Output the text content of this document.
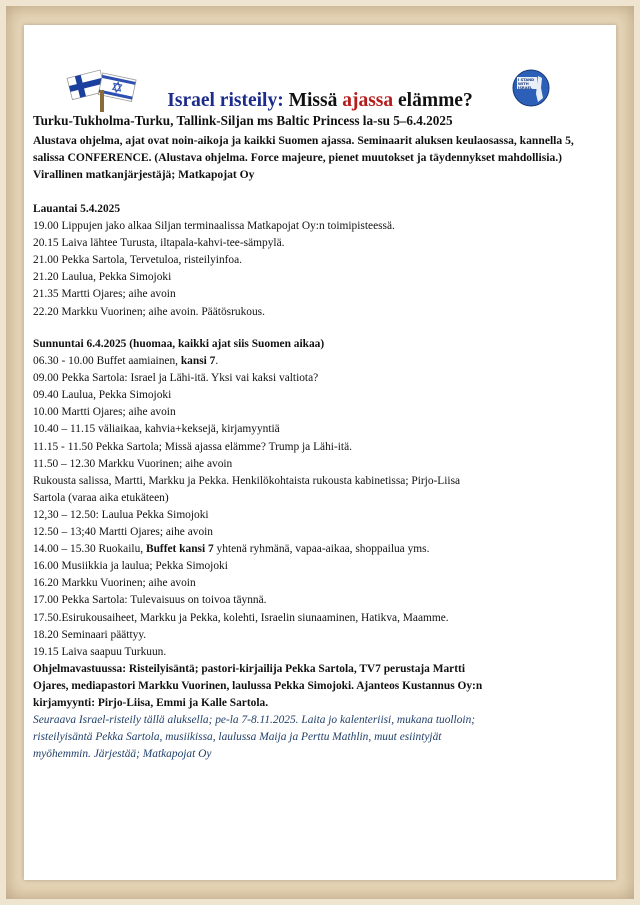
I STAND
WITH
ISRAEL
Israel risteily: Missä ajassa elämme?
Turku-Tukholma-Turku, Tallink-Siljan ms Baltic Princess la-su 5–6.4.2025
Alustava ohjelma, ajat ovat noin-aikoja ja kaikki Suomen ajassa. Seminaarit aluksen keulaosassa, kannella 5, salissa CONFERENCE. (Alustava ohjelma. Force majeure, pienet muutokset ja täydennykset mahdollisia.) Virallinen matkanjärjestäjä; Matkapojat Oy
Lauantai 5.4.2025
19.00 Lippujen jako alkaa Siljan terminaalissa Matkapojat Oy:n toimipisteessä.
20.15 Laiva lähtee Turusta, iltapala-kahvi-tee-sämpylä.
21.00 Pekka Sartola, Tervetuloa, risteilyinfoa.
21.20 Laulua, Pekka Simojoki
21.35 Martti Ojares; aihe avoin
22.20 Markku Vuorinen; aihe avoin. Päätösrukous.
Sunnuntai 6.4.2025 (huomaa, kaikki ajat siis Suomen aikaa)
06.30 - 10.00 Buffet aamiainen, kansi 7.
09.00 Pekka Sartola: Israel ja Lähi-itä. Yksi vai kaksi valtiota?
09.40 Laulua, Pekka Simojoki
10.00 Martti Ojares; aihe avoin
10.40 – 11.15 väliaikaa, kahvia+keksejä, kirjamyyntiä
11.15 - 11.50 Pekka Sartola; Missä ajassa elämme? Trump ja Lähi-itä.
11.50 – 12.30 Markku Vuorinen; aihe avoin
Rukousta salissa, Martti, Markku ja Pekka. Henkilökohtaista rukousta kabinetissa; Pirjo-Liisa
Sartola (varaa aika etukäteen)
12,30 – 12.50: Laulua Pekka Simojoki
12.50 – 13;40 Martti Ojares; aihe avoin
14.00 – 15.30 Ruokailu, Buffet kansi 7 yhtenä ryhmänä, vapaa-aikaa, shoppailua yms.
16.00 Musiikkia ja laulua; Pekka Simojoki
16.20 Markku Vuorinen; aihe avoin
17.00 Pekka Sartola: Tulevaisuus on toivoa täynnä.
17.50.Esirukousaiheet, Markku ja Pekka, kolehti, Israelin siunaaminen, Hatikva, Maamme.
18.20 Seminaari päättyy.
19.15 Laiva saapuu Turkuun.
Ohjelmavastuussa: Risteilyisäntä; pastori-kirjailija Pekka Sartola, TV7 perustaja Martti
Ojares, mediapastori Markku Vuorinen, laulussa Pekka Simojoki. Ajanteos Kustannus Oy:n
kirjamyynti: Pirjo-Liisa, Emmi ja Kalle Sartola.
Seuraava Israel-risteily tällä aluksella; pe-la 7-8.11.2025. Laita jo kalenteriisi, mukana tuolloin;
risteilyisäntä Pekka Sartola, musiikissa, laulussa Maija ja Perttu Mathlin, muut esiintyjät
myöhemmin. Järjestää; Matkapojat Oy
